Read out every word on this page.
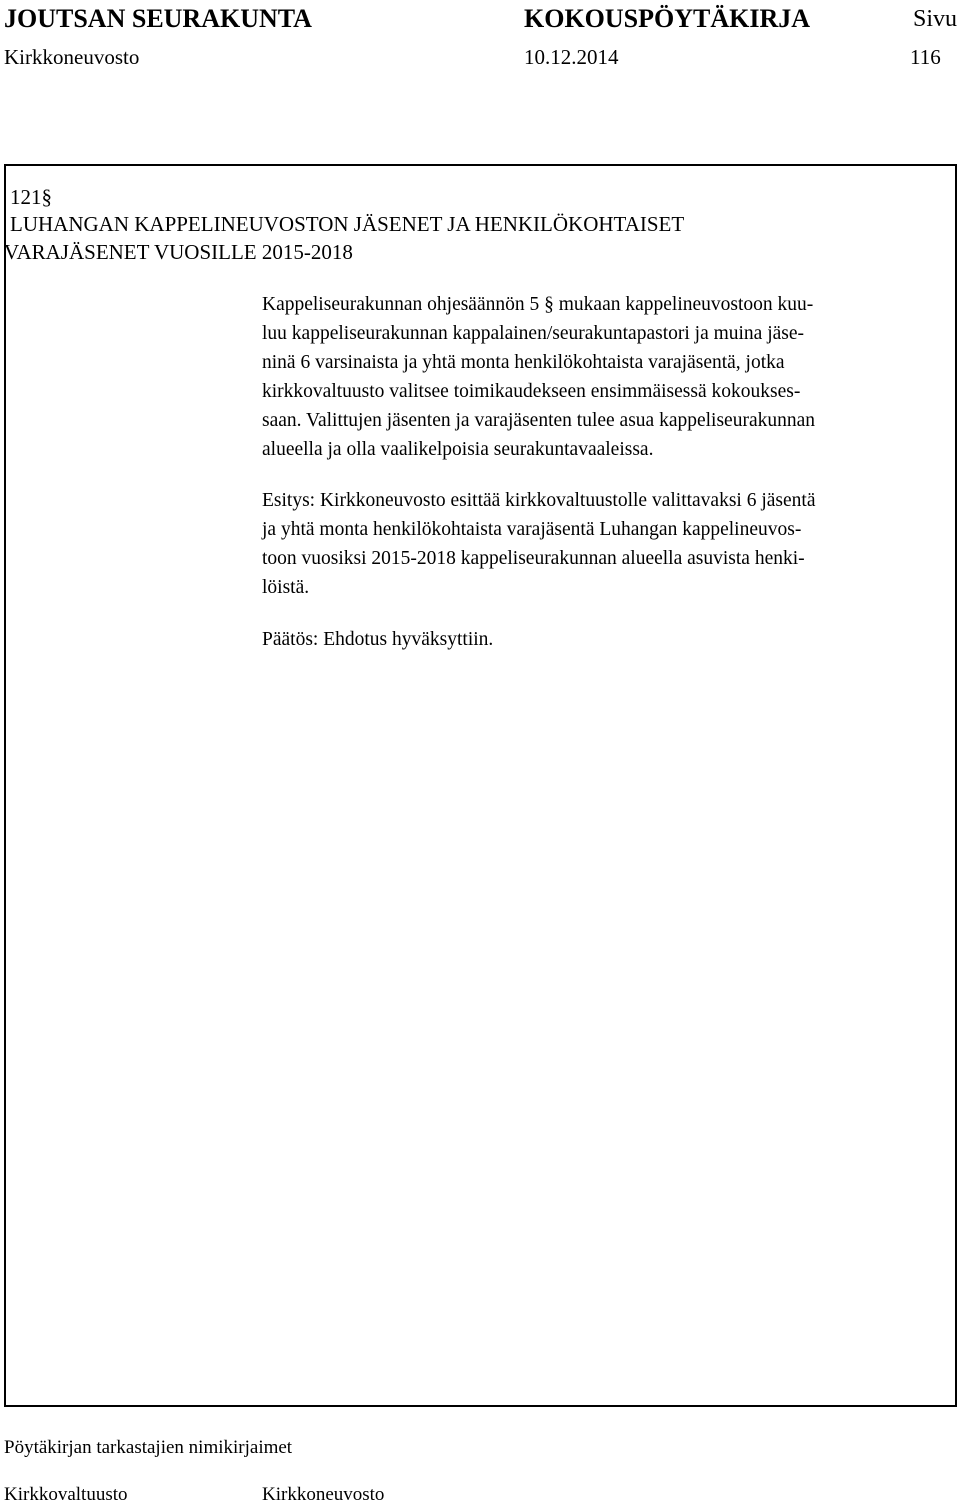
JOUTSAN SEURAKUNTA	KOKOUSPÖYTÄKIRJA	Sivu
Kirkkoneuvosto	10.12.2014	116
121§
LUHANGAN KAPPELINEUVOSTON JÄSENET JA HENKILÖKOHTAISET
VARAJÄSENET VUOSILLE 2015-2018
Kappeliseurakunnan ohjesäännön 5 § mukaan kappelineuvostoon kuu-
luu kappeliseurakunnan kappalainen/seurakuntapastori ja muina jäse-
ninä 6 varsinaista ja yhtä monta henkilökohtaista varajäsentä, jotka
kirkkovaltuusto valitsee toimikaudekseen ensimmäisessä kokoukses-
saan. Valittujen jäsenten ja varajäsenten tulee asua kappeliseurakunnan
alueella ja olla vaalikelpoisia seurakuntavaaleissa.
Esitys: Kirkkoneuvosto esittää kirkkovaltuustolle valittavaksi 6 jäsentä
ja yhtä monta henkilökohtaista varajäsentä Luhangan kappelineuvos-
toon vuosiksi 2015-2018 kappeliseurakunnan alueella asuvista henki-
löistä.
Päätös: Ehdotus hyväksyttiin.
Pöytäkirjan tarkastajien nimikirjaimet
Kirkkovaltuusto	Kirkkoneuvosto
